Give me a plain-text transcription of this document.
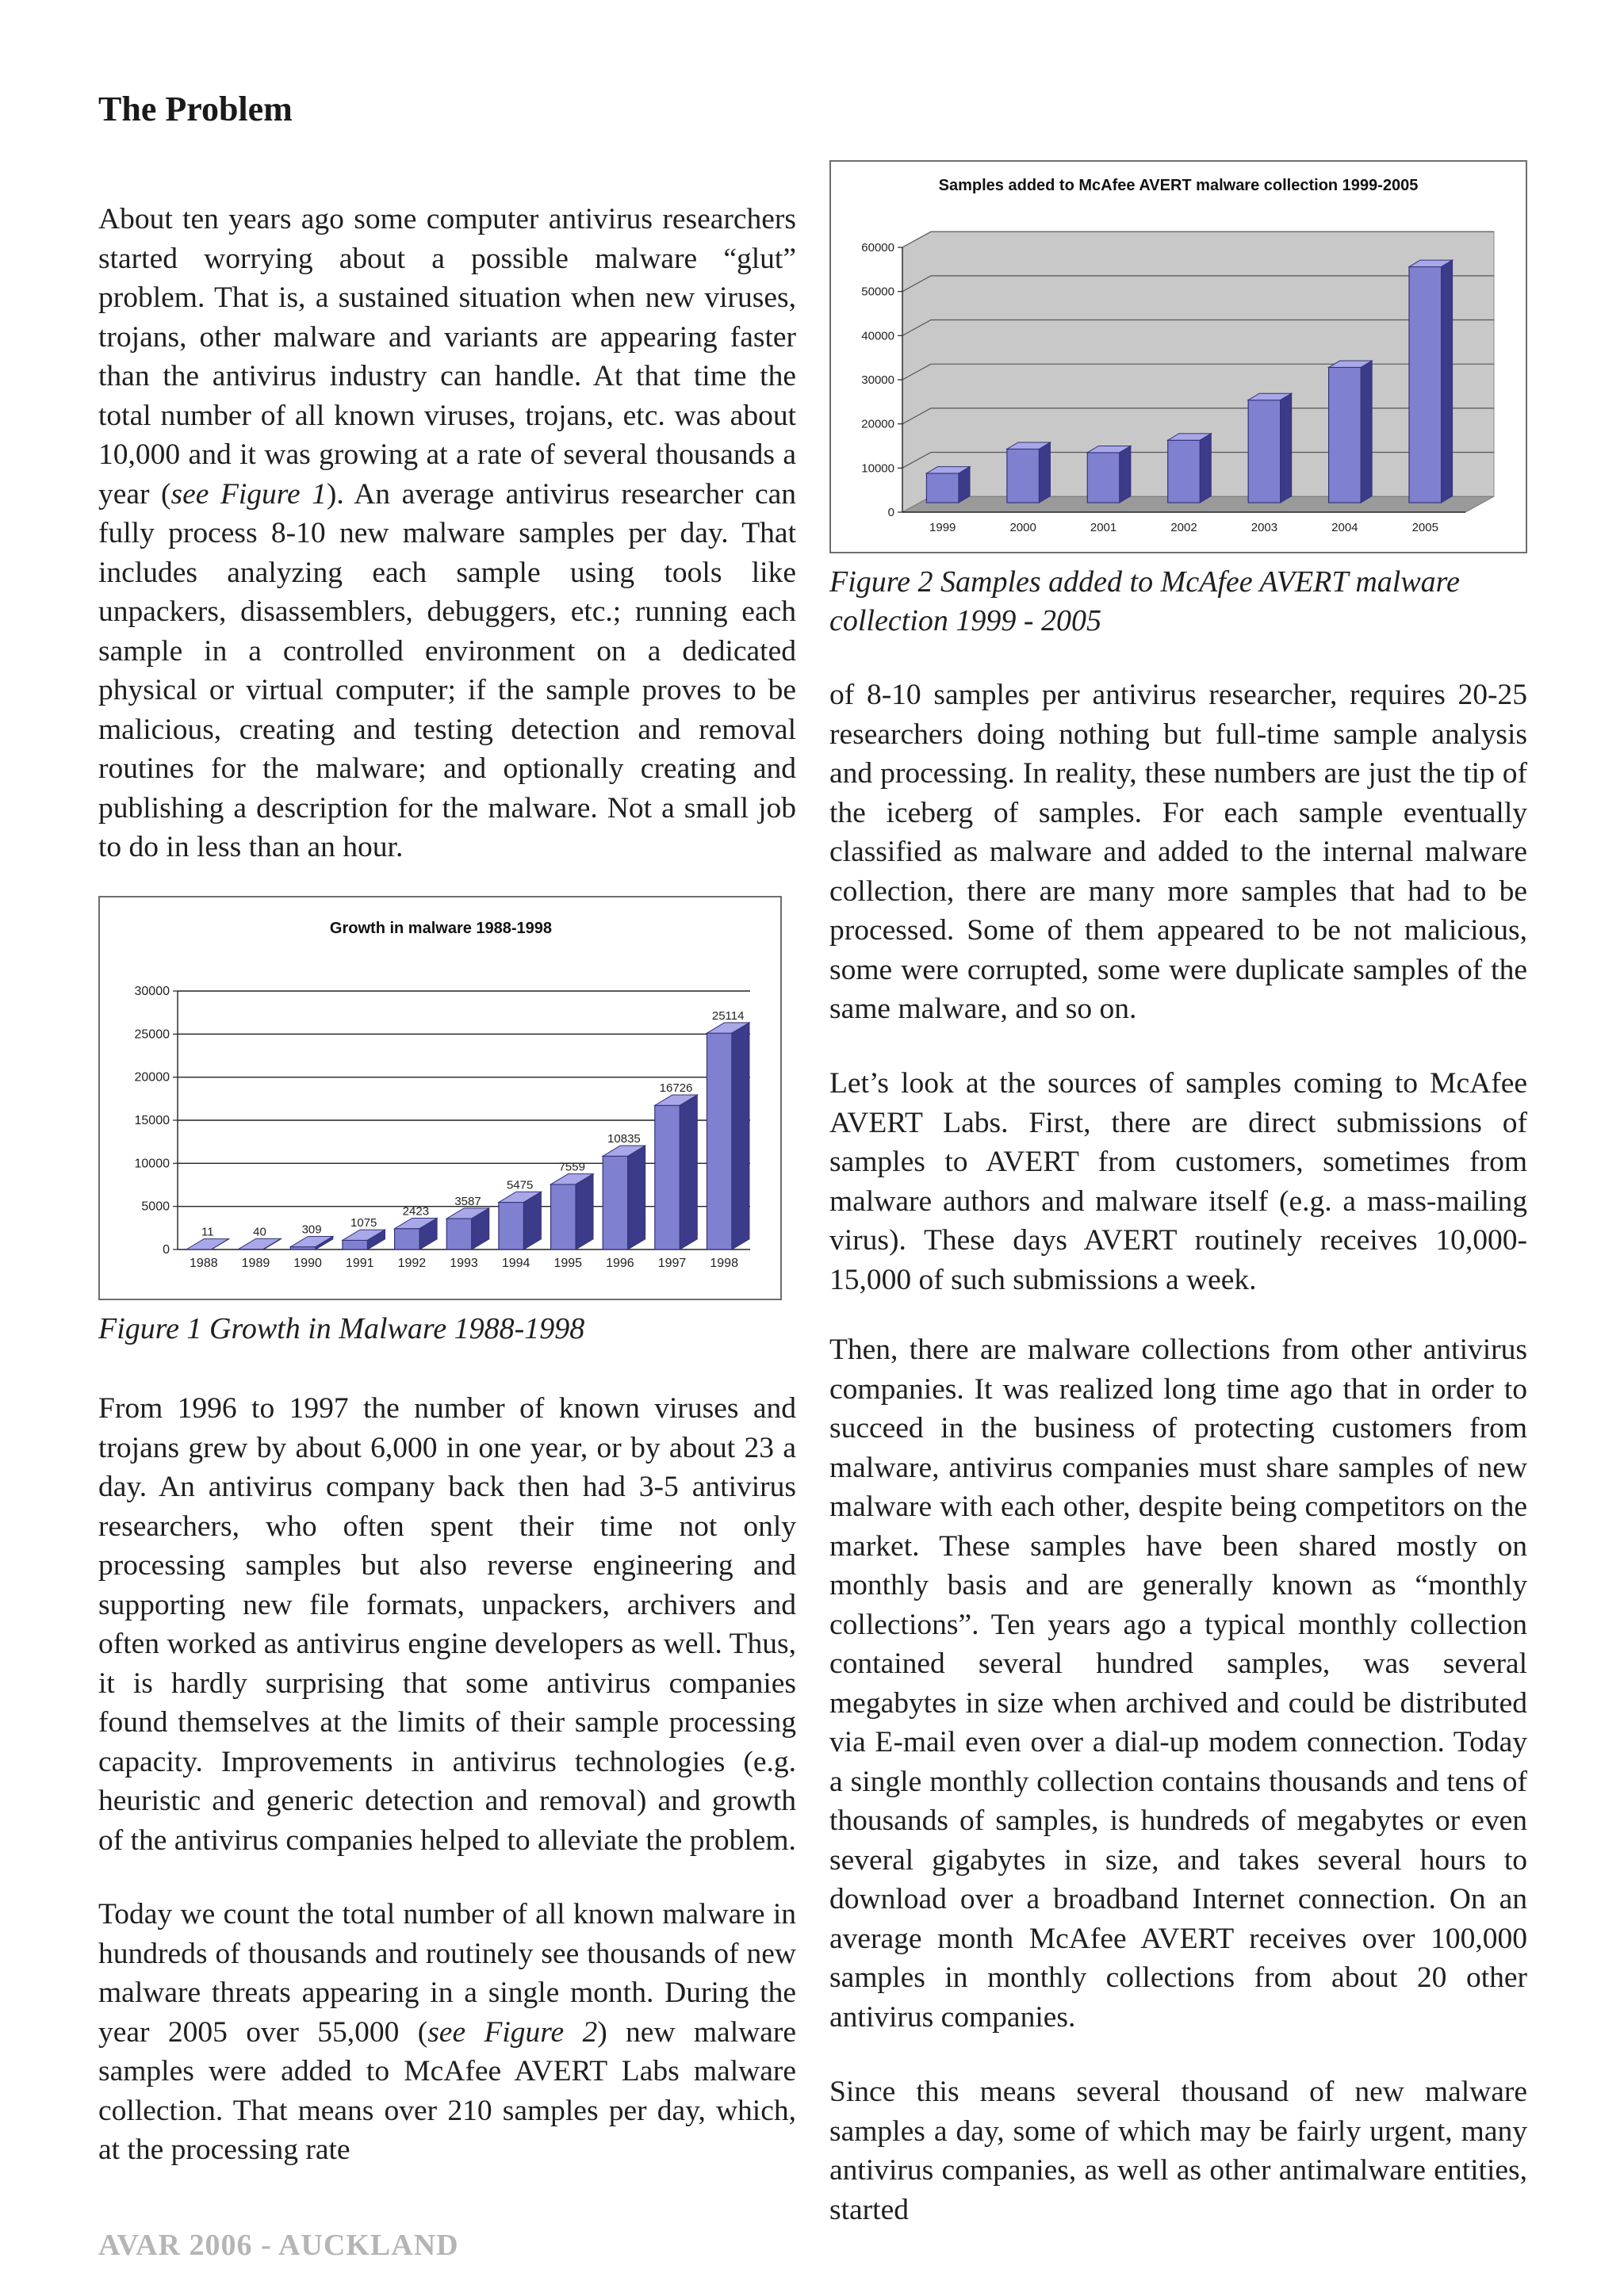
The Problem

About ten years ago some computer antivirus researchers started worrying about a possible malware “glut” problem. That is, a sustained situation when new viruses, trojans, other malware and variants are appearing faster than the antivirus industry can handle. At that time the total number of all known viruses, trojans, etc. was about 10,000 and it was growing at a rate of several thousands a year (see Figure 1). An average antivirus researcher can fully process 8-10 new malware samples per day. That includes analyzing each sample using tools like unpackers, disassemblers, debuggers, etc.; running each sample in a controlled environment on a dedicated physical or virtual computer; if the sample proves to be malicious, creating and testing detection and removal routines for the malware; and optionally creating and publishing a description for the malware. Not a small job to do in less than an hour.

Growth in malware 1988-1998
0
5000
10000
15000
20000
25000
30000
1988
11
1989
40
1990
309
1991
1075
1992
2423
1993
3587
1994
5475
1995
7559
1996
10835
1997
16726
1998
25114

Figure 1 Growth in Malware 1988-1998

From 1996 to 1997 the number of known viruses and trojans grew by about 6,000 in one year, or by about 23 a day. An antivirus company back then had 3-5 antivirus researchers, who often spent their time not only processing samples but also reverse engineering and supporting new file formats, unpackers, archivers and often worked as antivirus engine developers as well. Thus, it is hardly surprising that some antivirus companies found themselves at the limits of their sample processing capacity. Improvements in antivirus technologies (e.g. heuristic and generic detection and removal) and growth of the antivirus companies helped to alleviate the problem.

Today we count the total number of all known malware in hundreds of thousands and routinely see thousands of new malware threats appearing in a single month. During the year 2005 over 55,000 (see Figure 2) new malware samples were added to McAfee AVERT Labs malware collection. That means over 210 samples per day, which, at the processing rate

Samples added to McAfee AVERT malware collection 1999-2005
0
10000
20000
30000
40000
50000
60000
1999	2000	2001	2002	2003	2004	2005

Figure 2 Samples added to McAfee AVERT malware collection 1999 - 2005

of 8-10 samples per antivirus researcher, requires 20-25 researchers doing nothing but full-time sample analysis and processing. In reality, these numbers are just the tip of the iceberg of samples. For each sample eventually classified as malware and added to the internal malware collection, there are many more samples that had to be processed. Some of them appeared to be not malicious, some were corrupted, some were duplicate samples of the same malware, and so on.

Let’s look at the sources of samples coming to McAfee AVERT Labs. First, there are direct submissions of samples to AVERT from customers, sometimes from malware authors and malware itself (e.g. a mass-mailing virus). These days AVERT routinely receives 10,000-15,000 of such submissions a week.

Then, there are malware collections from other antivirus companies. It was realized long time ago that in order to succeed in the business of protecting customers from malware, antivirus companies must share samples of new malware with each other, despite being competitors on the market. These samples have been shared mostly on monthly basis and are generally known as “monthly collections”. Ten years ago a typical monthly collection contained several hundred samples, was several megabytes in size when archived and could be distributed via E-mail even over a dial-up modem connection. Today a single monthly collection contains thousands and tens of thousands of samples, is hundreds of megabytes or even several gigabytes in size, and takes several hours to download over a broadband Internet connection. On an average month McAfee AVERT receives over 100,000 samples in monthly collections from about 20 other antivirus companies.

Since this means several thousand of new malware samples a day, some of which may be fairly urgent, many antivirus companies, as well as other antimalware entities, started

AVAR 2006 - AUCKLAND
